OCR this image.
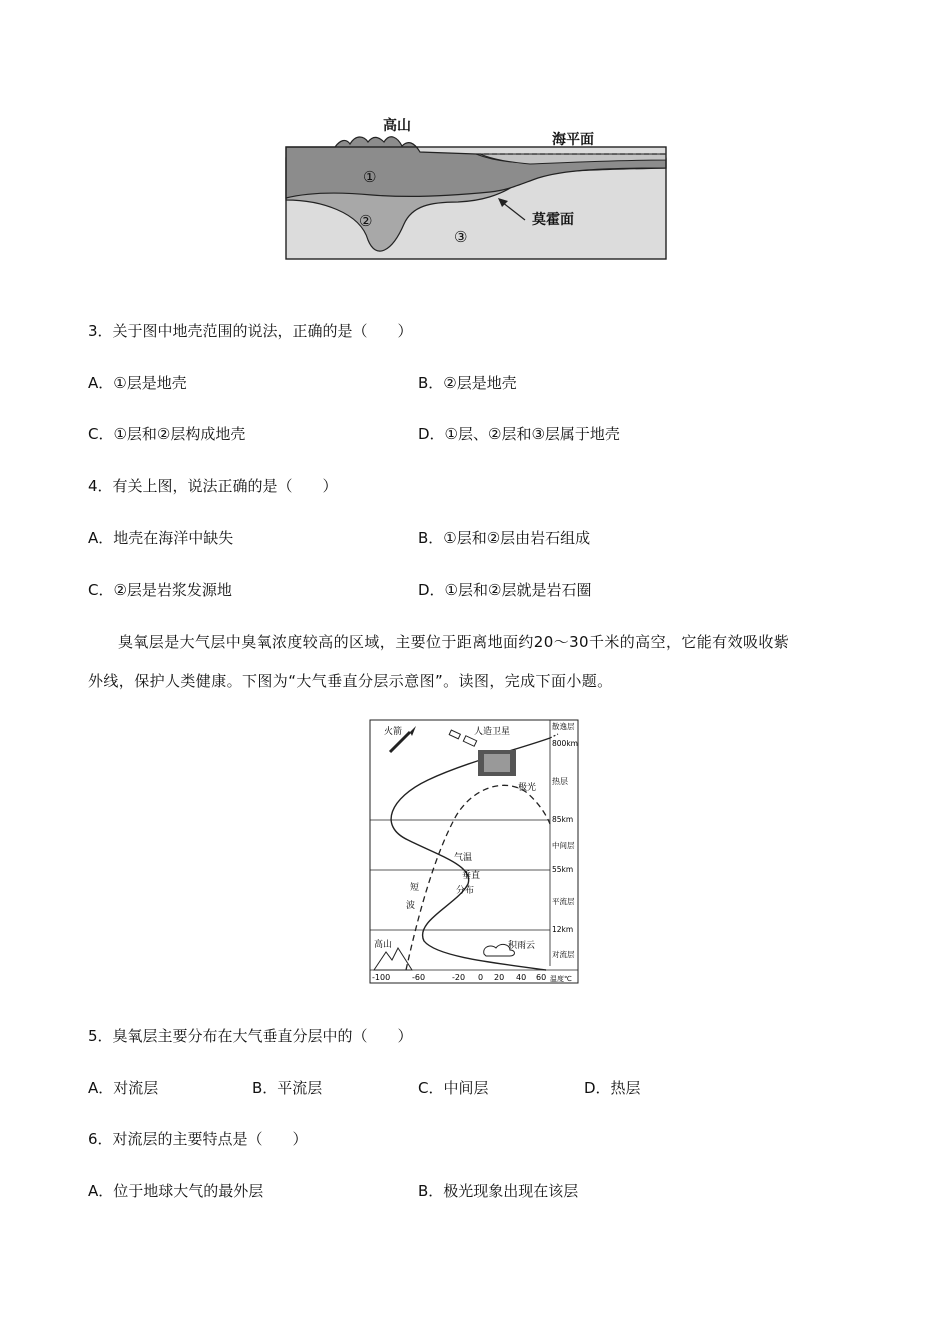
高山
海平面
莫霍面
①
②
③
3．关于图中地壳范围的说法，正确的是（　　）
A．①层是地壳	B．②层是地壳
C．①层和②层构成地壳	D．①层、②层和③层属于地壳
4．有关上图，说法正确的是（　　）
A．地壳在海洋中缺失	B．①层和②层由岩石组成
C．②层是岩浆发源地	D．①层和②层就是岩石圈
臭氧层是大气层中臭氧浓度较高的区域，主要位于距离地面约20～30千米的高空，它能有效吸收紫
外线，保护人类健康。下图为“大气垂直分层示意图”。读图，完成下面小题。
火箭	人造卫星
极光
气温
垂直
分布
短
波
高山	积雨云
散逸层
800km
热层
85km
中间层
55km
平流层
12km
对流层
-100	-60	-20 0 20 40 60 温度℃
5．臭氧层主要分布在大气垂直分层中的（　　）
A．对流层	B．平流层	C．中间层	D．热层
6．对流层的主要特点是（　　）
A．位于地球大气的最外层	B．极光现象出现在该层
